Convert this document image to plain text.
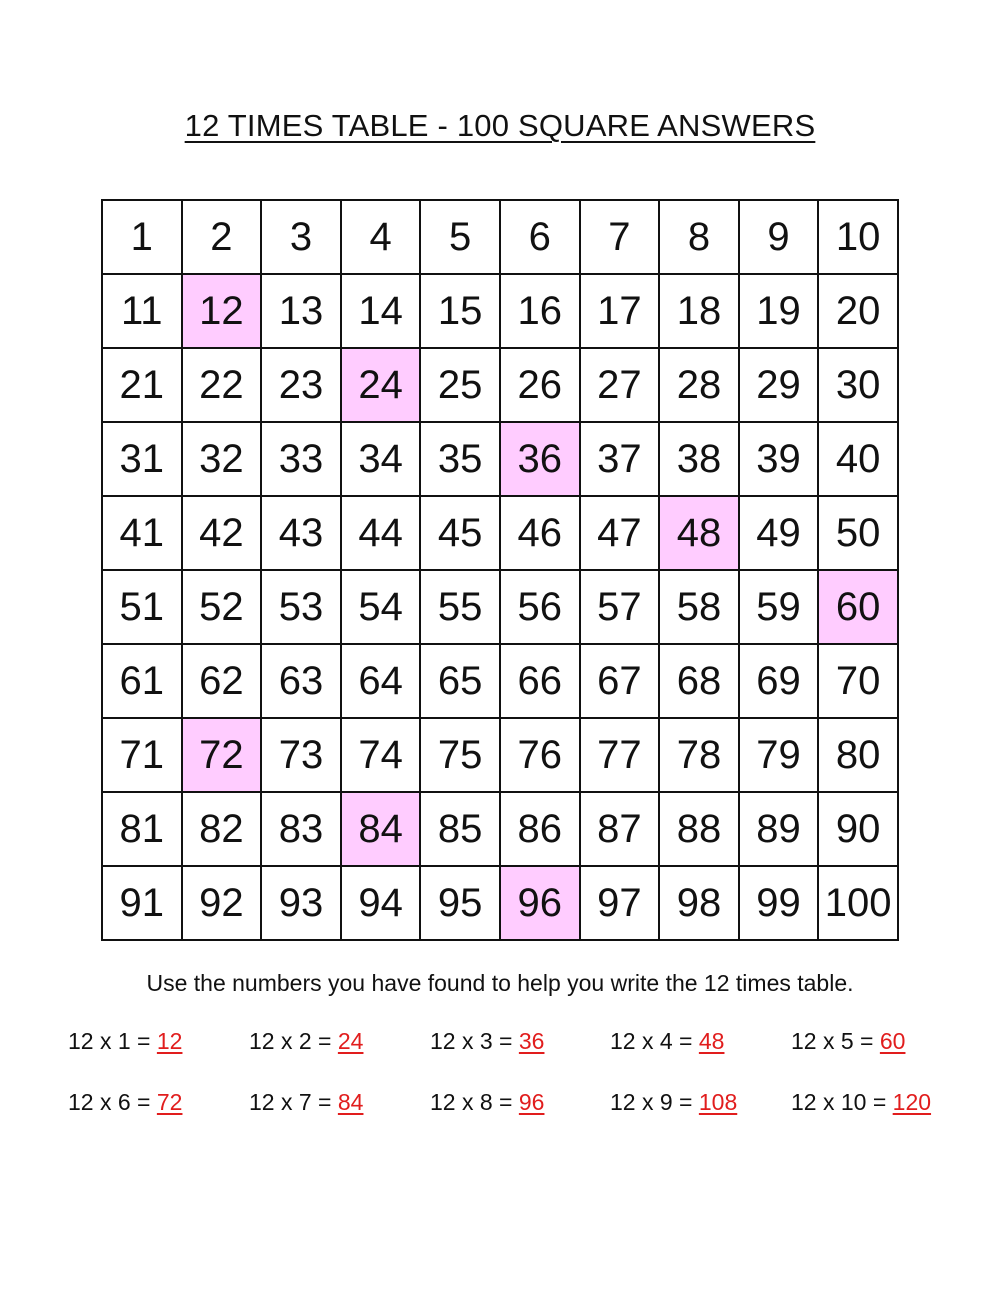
12 TIMES TABLE - 100 SQUARE ANSWERS
1	2	3	4	5	6	7	8	9	10
11	12	13	14	15	16	17	18	19	20
21	22	23	24	25	26	27	28	29	30
31	32	33	34	35	36	37	38	39	40
41	42	43	44	45	46	47	48	49	50
51	52	53	54	55	56	57	58	59	60
61	62	63	64	65	66	67	68	69	70
71	72	73	74	75	76	77	78	79	80
81	82	83	84	85	86	87	88	89	90
91	92	93	94	95	96	97	98	99	100
Use the numbers you have found to help you write the 12 times table.
12 x 1 = 12	12 x 2 = 24	12 x 3 = 36	12 x 4 = 48	12 x 5 = 60
12 x 6 = 72	12 x 7 = 84	12 x 8 = 96	12 x 9 = 108 12 x 10 = 120
